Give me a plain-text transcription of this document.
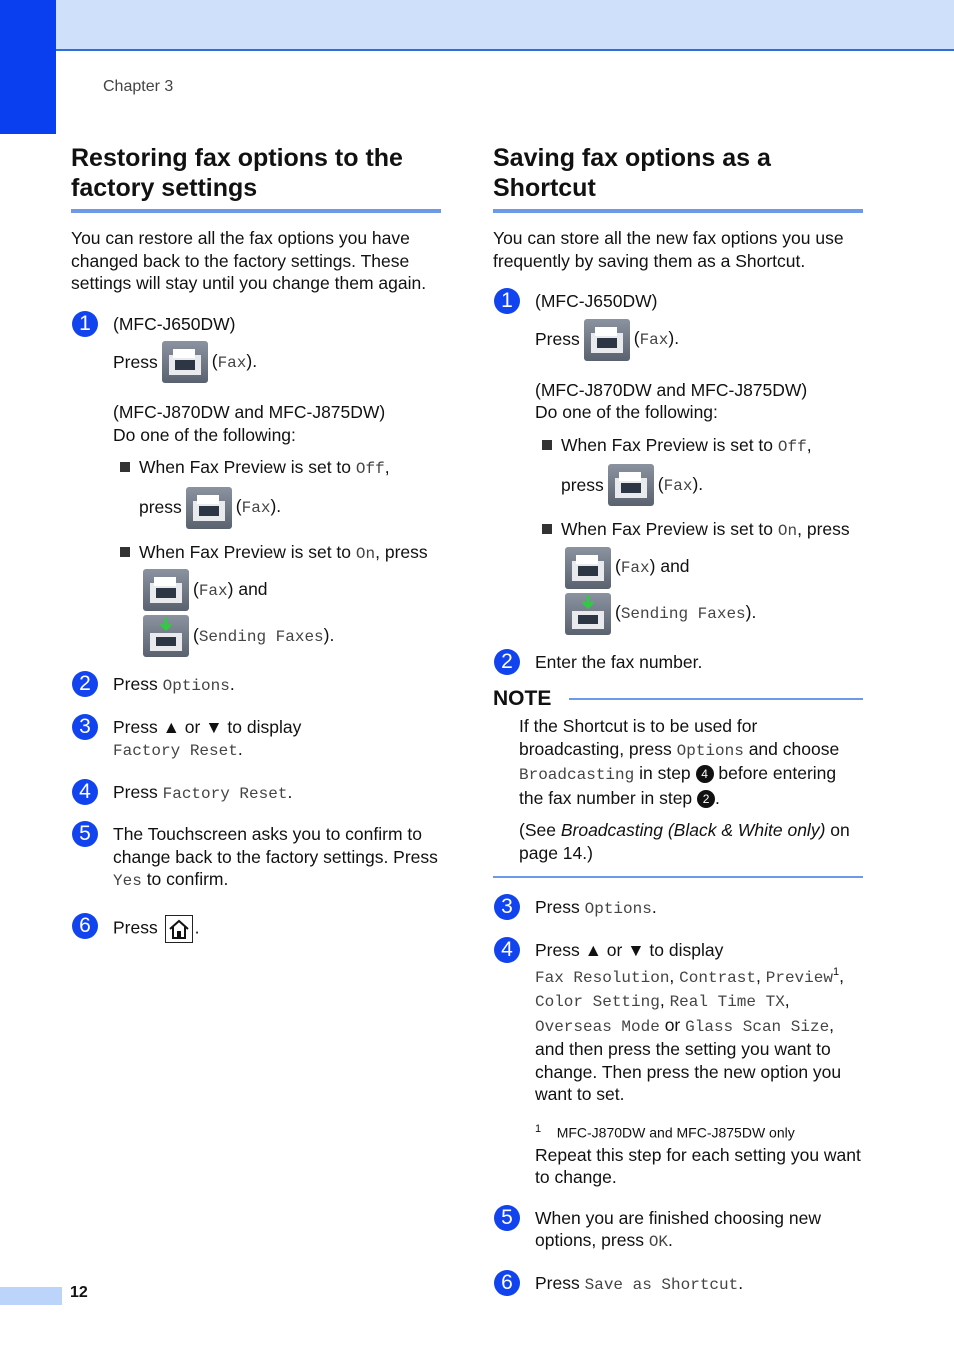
Chapter 3
Restoring fax options to the factory settings

You can restore all the fax options you have changed back to the factory settings. These settings will stay until you change them again.

1	(MFC-J650DW)

Press	(Fax).

(MFC-J870DW and MFC-J875DW)

Do one of the following:

When Fax Preview is set to Off,
press	(Fax).
When Fax Preview is set to On, press
(Fax) and
(Sending Faxes).
2	Press Options.
3	Press ▲ or ▼ to display

Factory Reset.

4	Press Factory Reset.
5	The Touchscreen asks you to confirm to change back to the factory settings. Press Yes to confirm.
6	Press .
Saving fax options as a Shortcut

You can store all the new fax options you use frequently by saving them as a Shortcut.

1	(MFC-J650DW)

Press	(Fax).

(MFC-J870DW and MFC-J875DW)

Do one of the following:

When Fax Preview is set to Off,
press	(Fax).
When Fax Preview is set to On, press
(Fax) and
(Sending Faxes).
2	Enter the fax number.
NOTE

If the Shortcut is to be used for broadcasting, press Options and choose Broadcasting in step 4 before entering the fax number in step 2 .

(See Broadcasting (Black & White only) on page 14.)

3	Press Options.
4	Press ▲ or ▼ to display

Fax Resolution, Contrast, Preview$^1$, Color Setting, Real Time TX, Overseas Mode or Glass Scan Size, and then press the setting you want to change. Then press the new option you want to set.

$^1$ MFC-J870DW and MFC-J875DW only

Repeat this step for each setting you want to change.

5	When you are finished choosing new options, press OK.
6	Press Save as Shortcut.
12
